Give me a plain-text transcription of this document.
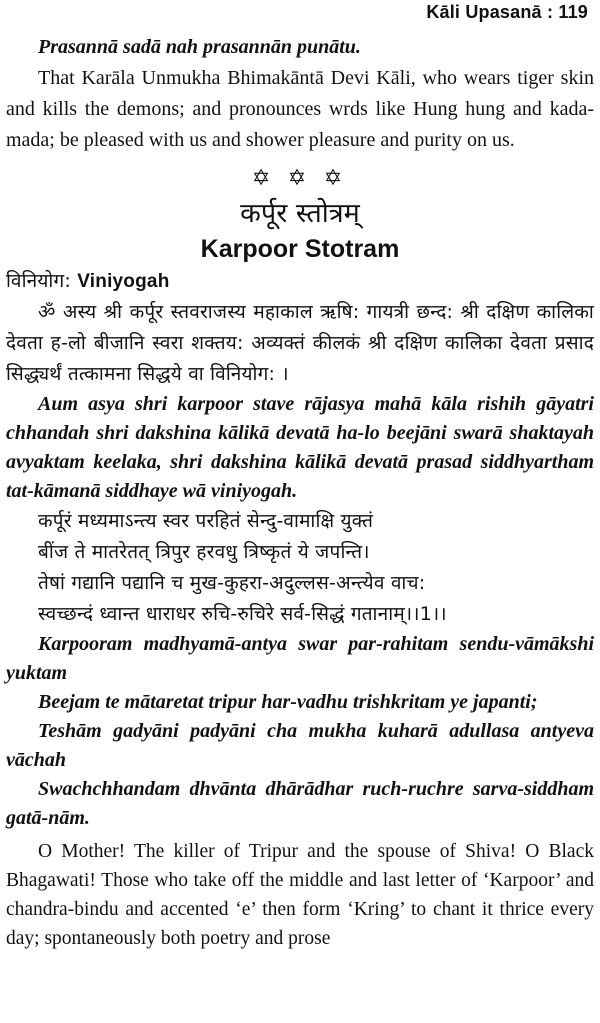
Kāli Upasanā : 119

Prasannā sadā nah prasannān punātu.

That Karāla Unmukha Bhimakāntā Devi Kāli, who wears tiger skin and kills the demons; and pronounces wrds like Hung hung and kada-mada; be pleased with us and shower pleasure and purity on us.

✡ ✡ ✡
कर्पूर स्तोत्रम्
Karpoor Stotram

विनियोग: Viniyogah

ॐ अस्य श्री कर्पूर स्तवराजस्य महाकाल ऋषि: गायत्री छन्द: श्री दक्षिण कालिका देवता ह-लो बीजानि स्वरा शक्तय: अव्यक्तं कीलकं श्री दक्षिण कालिका देवता प्रसाद सिद्ध्यर्थं तत्कामना सिद्धये वा विनियोग: ।

Aum asya shri karpoor stave rājasya mahā kāla rishih gāyatri chhandah shri dakshina kālikā devatā ha-lo beejāni swarā shaktayah avyaktam keelaka, shri dakshina kālikā devatā prasad siddhyartham tat-kāmanā siddhaye wā viniyogah.

कर्पूरं मध्यमाऽन्त्य स्वर परहितं सेन्दु-वामाक्षि युक्तं

बींज ते मातरेतत् त्रिपुर हरवधु त्रिष्कृतं ये जपन्ति।

तेषां गद्यानि पद्यानि च मुख-कुहरा-अदुल्लस-अन्त्येव वाच:

स्वच्छन्दं ध्वान्त धाराधर रुचि-रुचिरे सर्व-सिद्धं गतानाम्।।1।।

Karpooram madhyamā-antya swar par-rahitam sendu-vāmākshi yuktam

Beejam te mātaretat tripur har-vadhu trishkritam ye japanti;

Teshām gadyāni padyāni cha mukha kuharā adullasa antyeva vāchah

Swachchhandam dhvānta dhārādhar ruch-ruchre sarva-siddham gatā-nām.

O Mother! The killer of Tripur and the spouse of Shiva! O Black Bhagawati! Those who take off the middle and last letter of ‘Karpoor’ and chandra-bindu and accented ‘e’ then form ‘Kring’ to chant it thrice every day; spontaneously both poetry and prose
